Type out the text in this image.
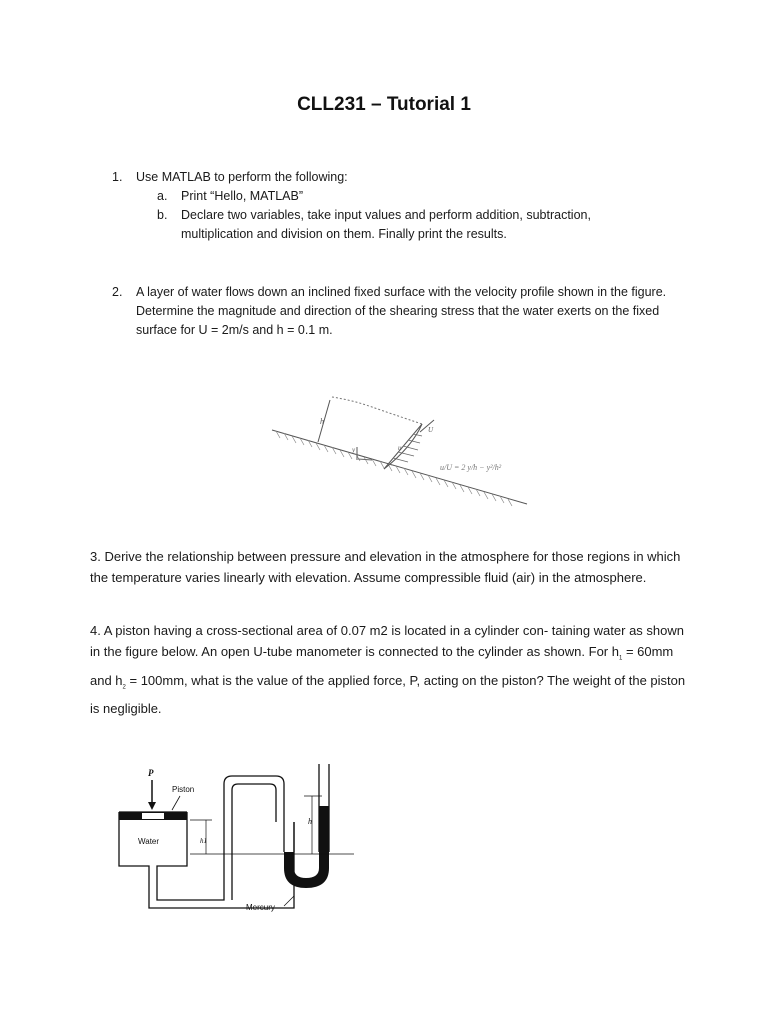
CLL231 – Tutorial 1
1.	Use MATLAB to perform the following:
a.	Print “Hello, MATLAB”
b.	Declare two variables, take input values and perform addition, subtraction, multiplication and division on them. Finally print the results.
2.	A layer of water flows down an inclined fixed surface with the velocity profile shown in the figure. Determine the magnitude and direction of the shearing stress that the water exerts on the fixed surface for U = 2m/s and h = 0.1 m.
h
y	u
U
u/U = 2 y/h − y²/h²
3. Derive the relationship between pressure and elevation in the atmosphere for those regions in which the temperature varies linearly with elevation. Assume compressible fluid (air) in the atmosphere.
4. A piston having a cross-sectional area of 0.07 m2 is located in a cylinder con- taining water as shown in the figure below. An open U-tube manometer is connected to the cylinder as shown. For $h_1 = 60mm$ and $h_2 = 100mm$, what is the value of the applied force, P, acting on the piston? The weight of the piston is negligible.
P
Piston
Water	h1
h
Mercury
